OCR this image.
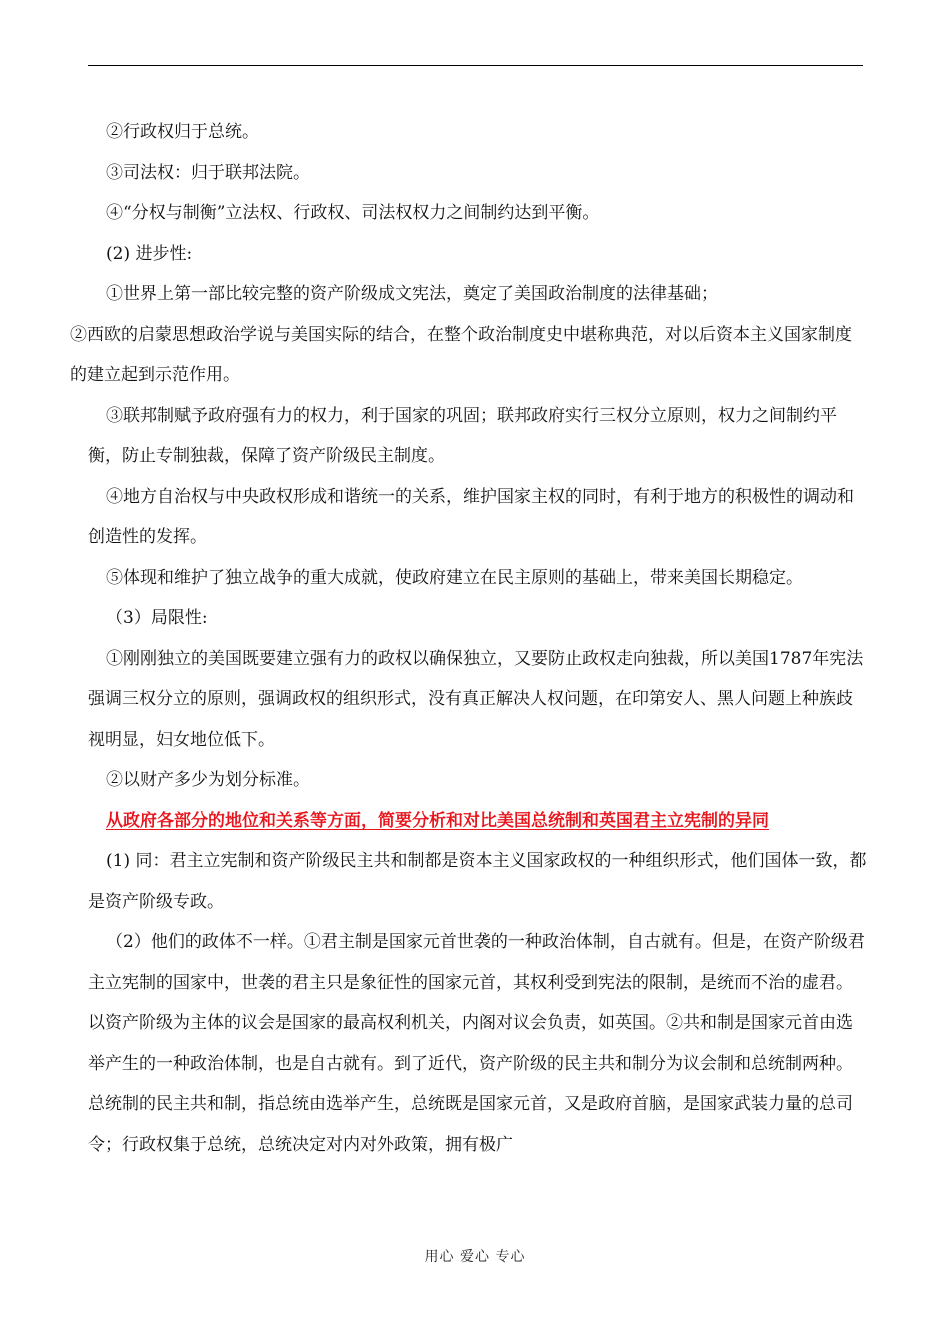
②行政权归于总统。

③司法权：归于联邦法院。

④“分权与制衡”立法权、行政权、司法权权力之间制约达到平衡。

(2) 进步性:

①世界上第一部比较完整的资产阶级成文宪法，奠定了美国政治制度的法律基础；

②西欧的启蒙思想政治学说与美国实际的结合，在整个政治制度史中堪称典范，对以后资本主义国家制度的建立起到示范作用。

③联邦制赋予政府强有力的权力，利于国家的巩固；联邦政府实行三权分立原则，权力之间制约平衡，防止专制独裁，保障了资产阶级民主制度。

④地方自治权与中央政权形成和谐统一的关系，维护国家主权的同时，有利于地方的积极性的调动和创造性的发挥。

⑤体现和维护了独立战争的重大成就，使政府建立在民主原则的基础上，带来美国长期稳定。

（3）局限性:

①刚刚独立的美国既要建立强有力的政权以确保独立，又要防止政权走向独裁，所以美国1787年宪法强调三权分立的原则，强调政权的组织形式，没有真正解决人权问题，在印第安人、黑人问题上种族歧视明显，妇女地位低下。

②以财产多少为划分标准。

从政府各部分的地位和关系等方面，简要分析和对比美国总统制和英国君主立宪制的异同

(1) 同：君主立宪制和资产阶级民主共和制都是资本主义国家政权的一种组织形式，他们国体一致，都是资产阶级专政。

（2）他们的政体不一样。①君主制是国家元首世袭的一种政治体制，自古就有。但是，在资产阶级君主立宪制的国家中，世袭的君主只是象征性的国家元首，其权利受到宪法的限制，是统而不治的虚君。以资产阶级为主体的议会是国家的最高权利机关，内阁对议会负责，如英国。②共和制是国家元首由选举产生的一种政治体制，也是自古就有。到了近代，资产阶级的民主共和制分为议会制和总统制两种。总统制的民主共和制，指总统由选举产生，总统既是国家元首，又是政府首脑，是国家武装力量的总司令；行政权集于总统，总统决定对内对外政策，拥有极广

用心 爱心 专心
